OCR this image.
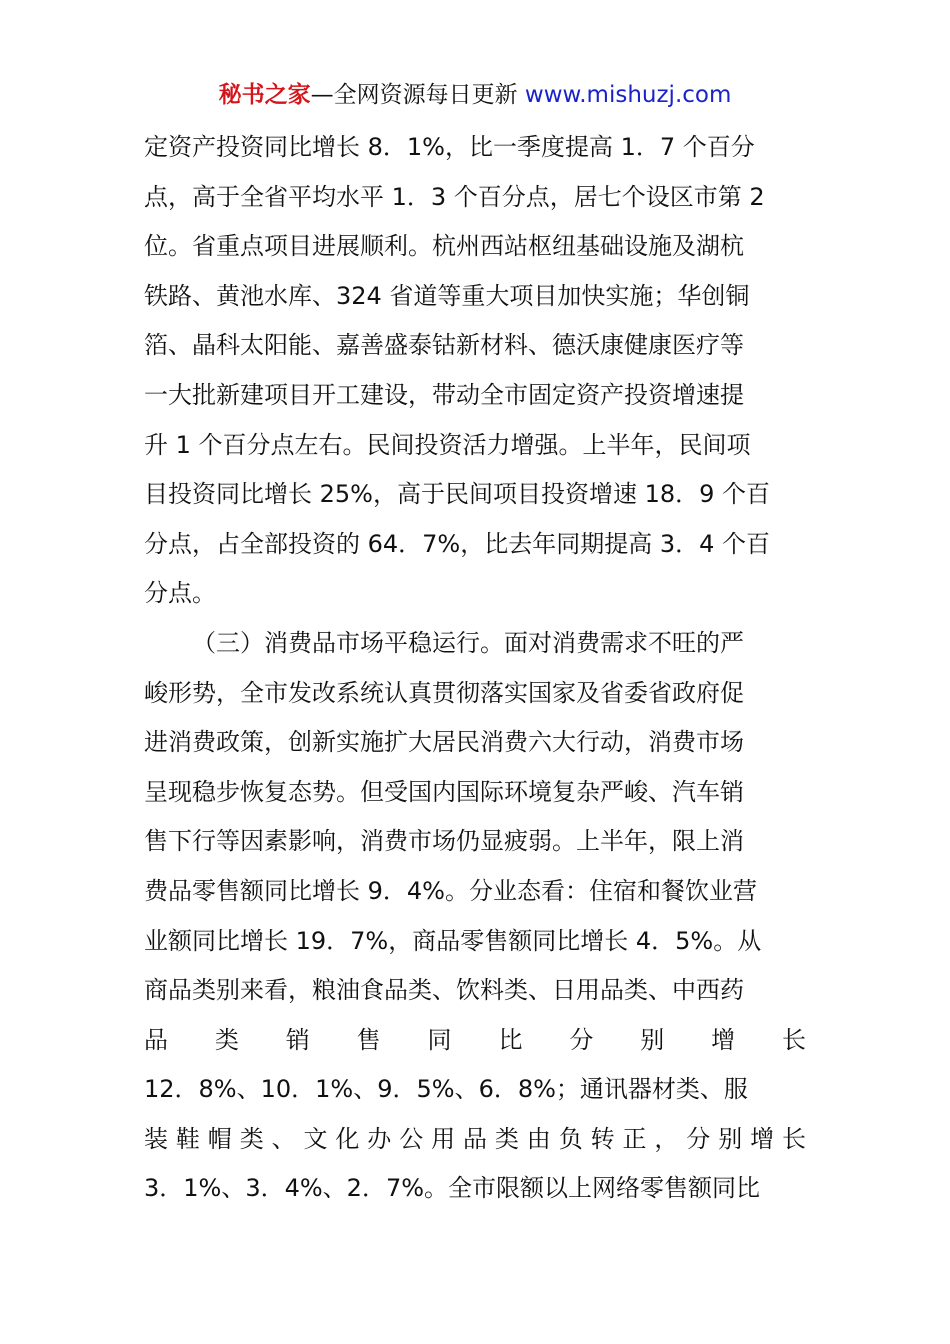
秘书之家—全网资源每日更新 www.mishuzj.com
定资产投资同比增长 8．1%，比一季度提高 1．7 个百分
点，高于全省平均水平 1．3 个百分点，居七个设区市第 2
位。省重点项目进展顺利。杭州西站枢纽基础设施及湖杭
铁路、黄池水库、324 省道等重大项目加快实施；华创铜
箔、晶科太阳能、嘉善盛泰钴新材料、德沃康健康医疗等
一大批新建项目开工建设，带动全市固定资产投资增速提
升 1 个百分点左右。民间投资活力增强。上半年，民间项
目投资同比增长 25%，高于民间项目投资增速 18．9 个百
分点，占全部投资的 64．7%，比去年同期提高 3．4 个百
分点。
（三）消费品市场平稳运行。面对消费需求不旺的严
峻形势，全市发改系统认真贯彻落实国家及省委省政府促
进消费政策，创新实施扩大居民消费六大行动，消费市场
呈现稳步恢复态势。但受国内国际环境复杂严峻、汽车销
售下行等因素影响，消费市场仍显疲弱。上半年，限上消
费品零售额同比增长 9．4%。分业态看：住宿和餐饮业营
业额同比增长 19．7%，商品零售额同比增长 4．5%。从
商品类别来看，粮油食品类、饮料类、日用品类、中西药
品　类　销　售　同　比　分　别　增　长
12．8%、10．1%、9．5%、6．8%；通讯器材类、服
装鞋帽类、文化办公用品类由负转正，分别增长
3．1%、3．4%、2．7%。全市限额以上网络零售额同比
